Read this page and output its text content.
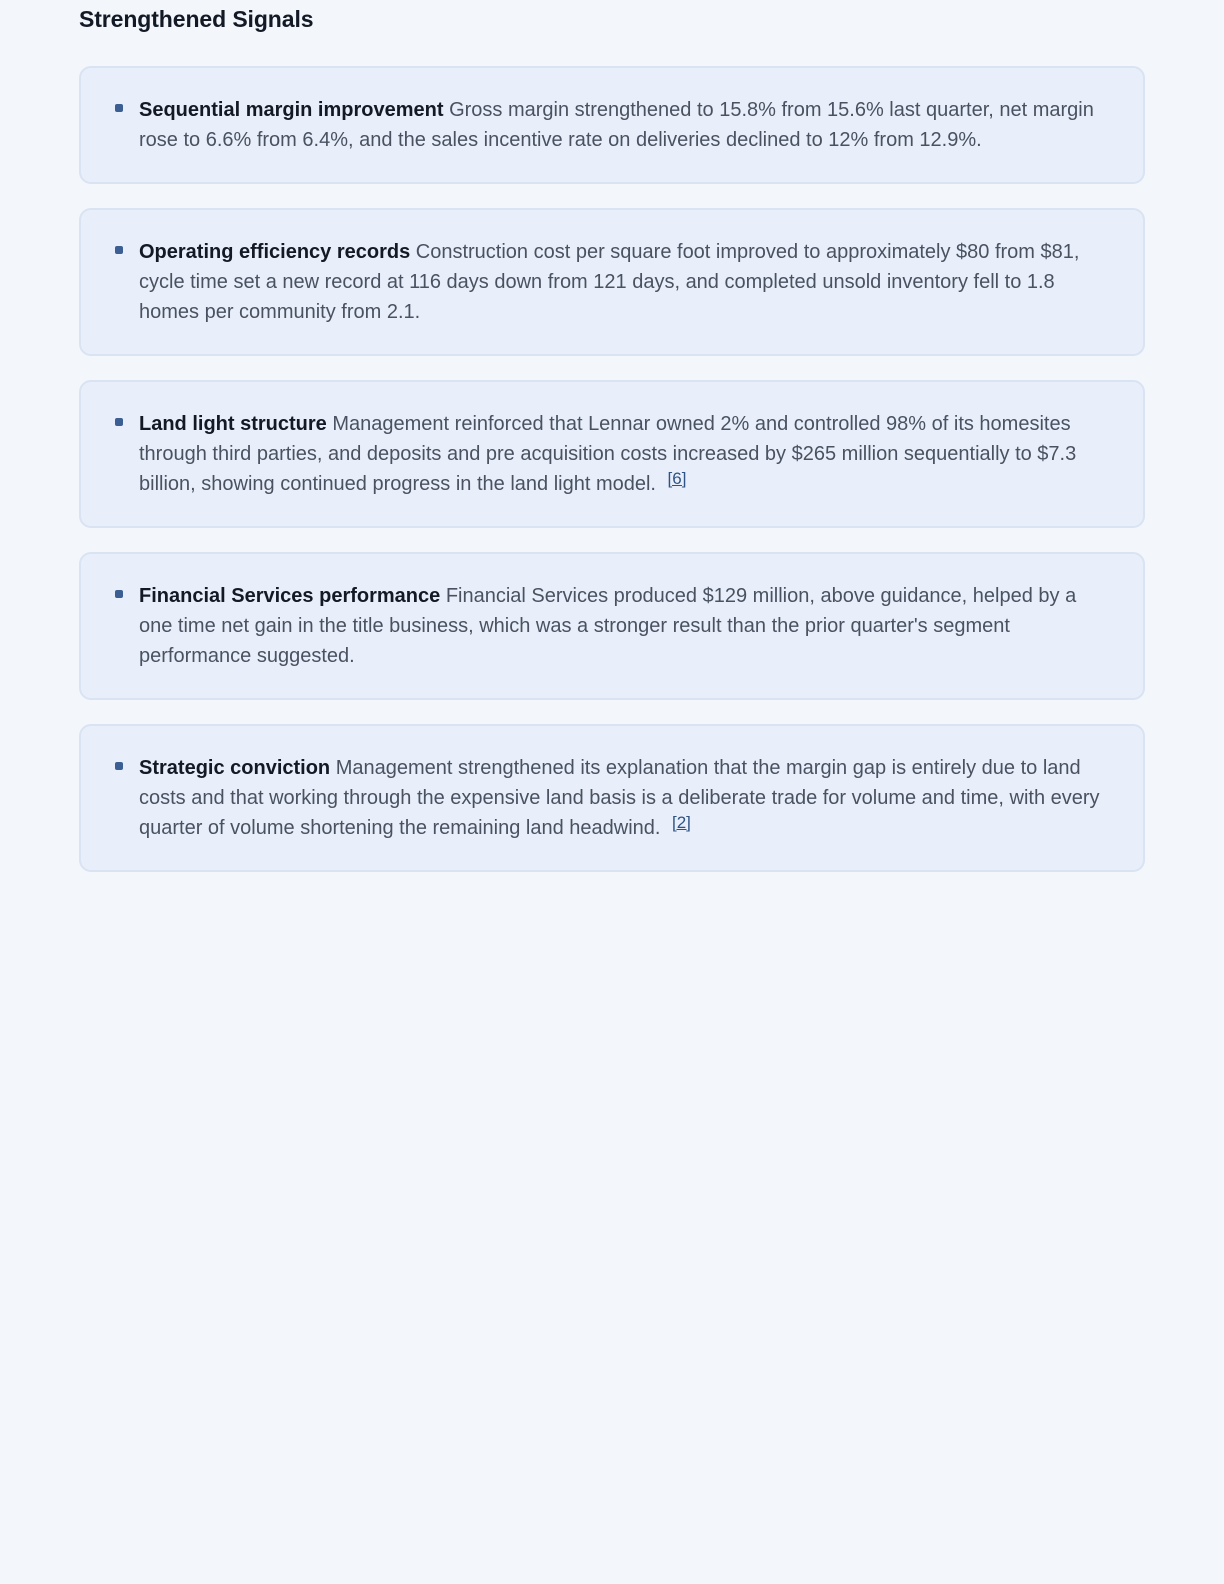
Strengthened Signals
Sequential margin improvement Gross margin strengthened to 15.8% from 15.6% last quarter, net margin rose to 6.6% from 6.4%, and the sales incentive rate on deliveries declined to 12% from 12.9%.
Operating efficiency records Construction cost per square foot improved to approximately $80 from $81, cycle time set a new record at 116 days down from 121 days, and completed unsold inventory fell to 1.8 homes per community from 2.1.
Land light structure Management reinforced that Lennar owned 2% and controlled 98% of its homesites through third parties, and deposits and pre acquisition costs increased by $265 million sequentially to $7.3 billion, showing continued progress in the land light model. [6]
Financial Services performance Financial Services produced $129 million, above guidance, helped by a one time net gain in the title business, which was a stronger result than the prior quarter's segment performance suggested.
Strategic conviction Management strengthened its explanation that the margin gap is entirely due to land costs and that working through the expensive land basis is a deliberate trade for volume and time, with every quarter of volume shortening the remaining land headwind. [2]
